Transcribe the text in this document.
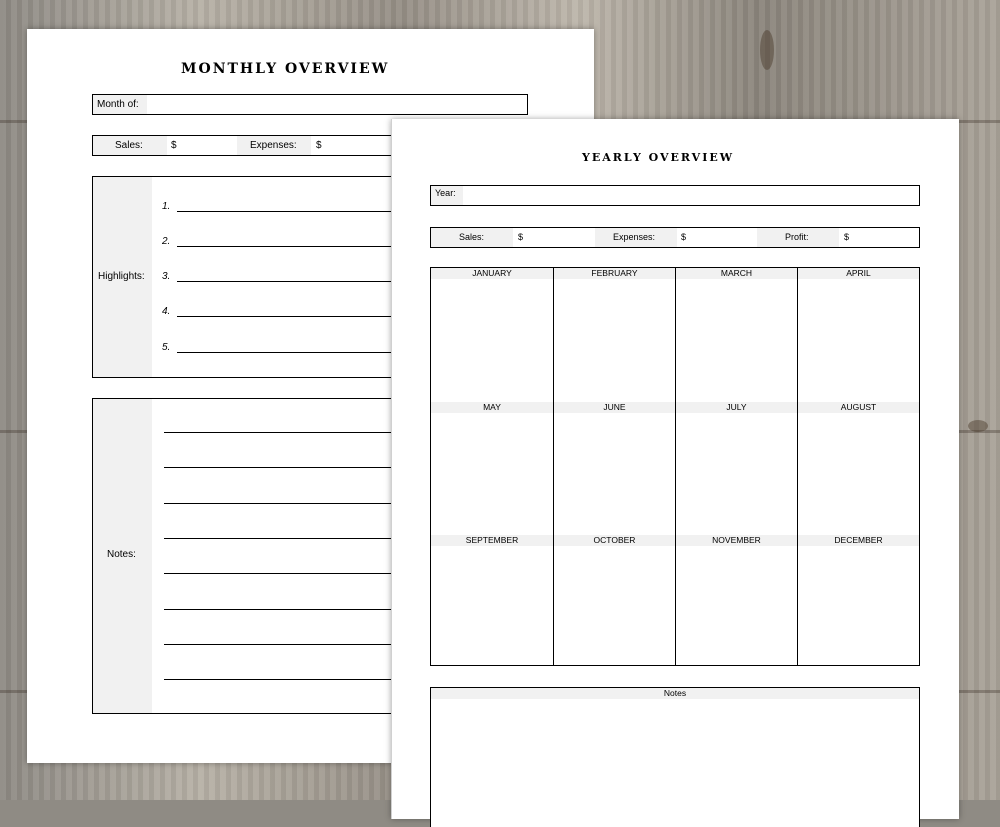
MONTHLY OVERVIEW
Month of:
Sales:	$	Expenses: $
Highlights:
1.
2.
3.
4.
5.
Notes:
YEARLY OVERVIEW
Year:
Sales:	$	Expenses:	$	Profit:	$
JANUARY	FEBRUARY	MARCH	APRIL
MAY	JUNE	JULY	AUGUST
SEPTEMBER	OCTOBER	NOVEMBER	DECEMBER
Notes
